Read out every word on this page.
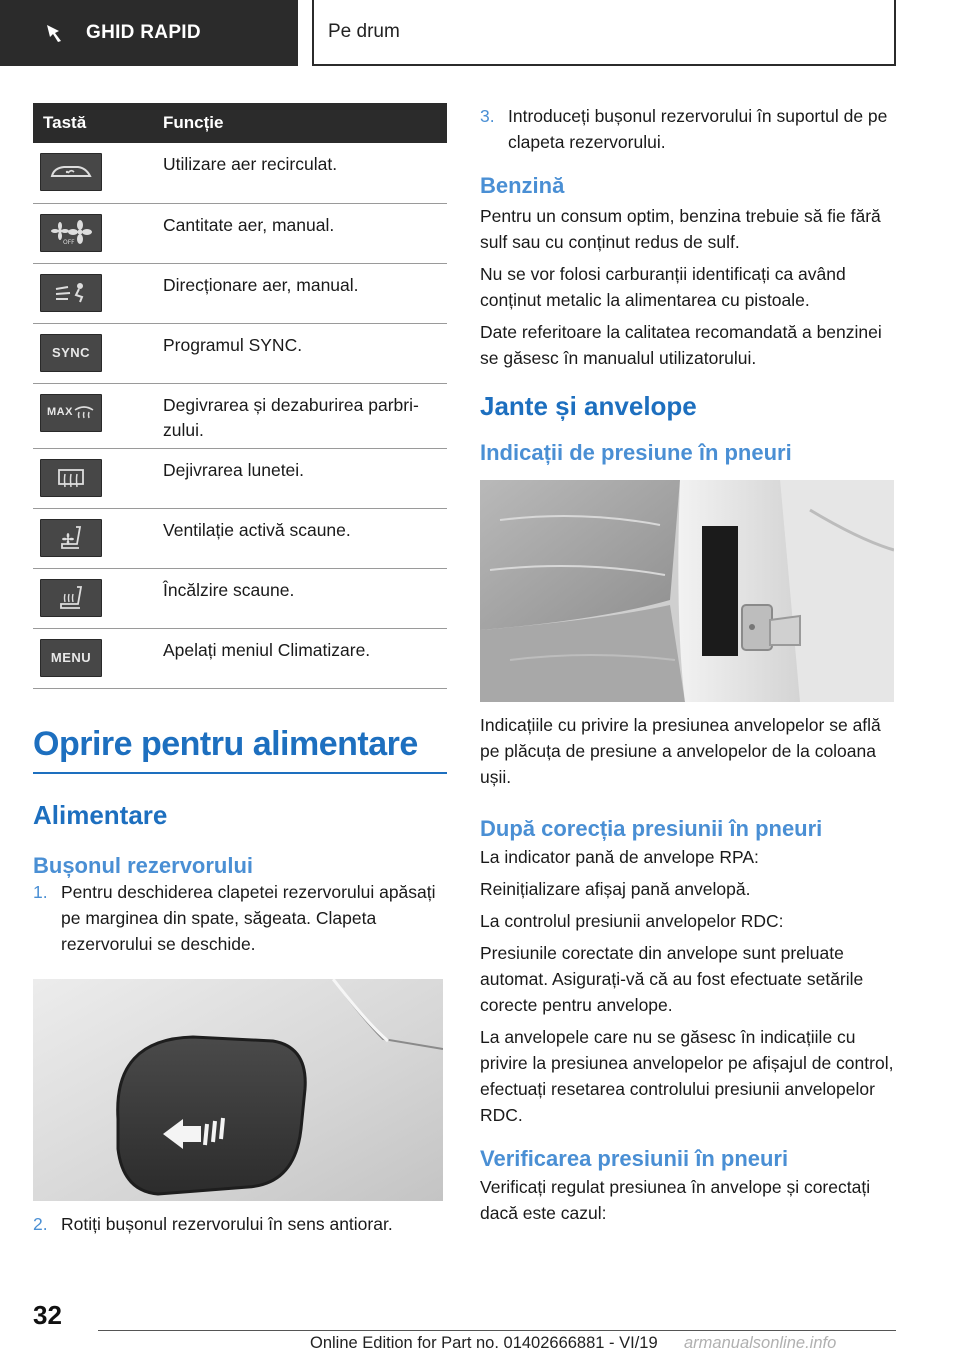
GHID RAPID	Pe drum
Tastă	Funcție

	Utilizare aer recirculat.

OFF	Cantitate aer, manual.

	Direcționare aer, manual.

SYNC	Programul SYNC.

MAX	Degivrarea și dezaburirea parbrizului.

	Dejivrarea lunetei.

	Ventilație activă scaune.

	Încălzire scaune.

MENU	Apelați meniul Climatizare.
Oprire pentru alimentare
Alimentare
Bușonul rezervorului
1. Pentru deschiderea clapetei rezervorului apăsați pe marginea din spate, săgeata. Clapeta rezervorului se deschide.
2. Rotiți bușonul rezervorului în sens antiorar.
3. Introduceți bușonul rezervorului în suportul de pe clapeta rezervorului.
Benzină

Pentru un consum optim, benzina trebuie să fie fără sulf sau cu conținut redus de sulf.

Nu se vor folosi carburanții identificați ca având conținut metalic la alimentarea cu pistoale.

Date referitoare la calitatea recomandată a benzinei se găsesc în manualul utilizatorului.

Jante și anvelope
Indicații de presiune în pneuri

Indicațiile cu privire la presiunea anvelopelor se află pe plăcuța de presiune a anvelopelor de la coloana ușii.

După corecția presiunii în pneuri

La indicator pană de anvelope RPA:

Reinițializare afișaj pană anvelopă.

La controlul presiunii anvelopelor RDC:

Presiunile corectate din anvelope sunt preluate automat. Asigurați-vă că au fost efectuate setările corecte pentru anvelope.

La anvelopele care nu se găsesc în indicațiile cu privire la presiunea anvelopelor pe afișajul de control, efectuați resetarea controlului presiunii anvelopelor RDC.

Verificarea presiunii în pneuri

Verificați regulat presiunea în anvelope și corectați dacă este cazul:

32
Online Edition for Part no. 01402666881 - VI/19 armanualsonline.info
